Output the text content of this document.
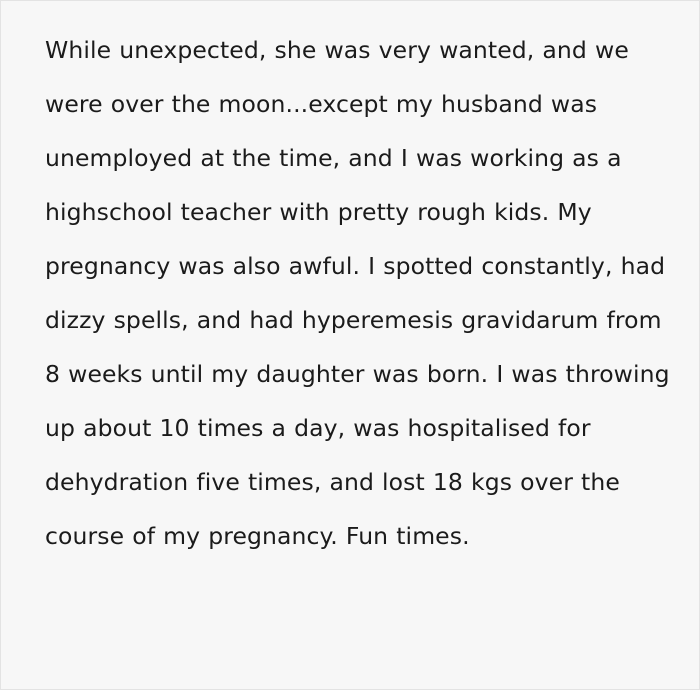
While unexpected, she was very wanted, and we were over the moon...except my husband was unemployed at the time, and I was working as a highschool teacher with pretty rough kids. My pregnancy was also awful. I spotted constantly, had dizzy spells, and had hyperemesis gravidarum from 8 weeks until my daughter was born. I was throwing up about 10 times a day, was hospitalised for dehydration five times, and lost 18 kgs over the course of my pregnancy. Fun times.
